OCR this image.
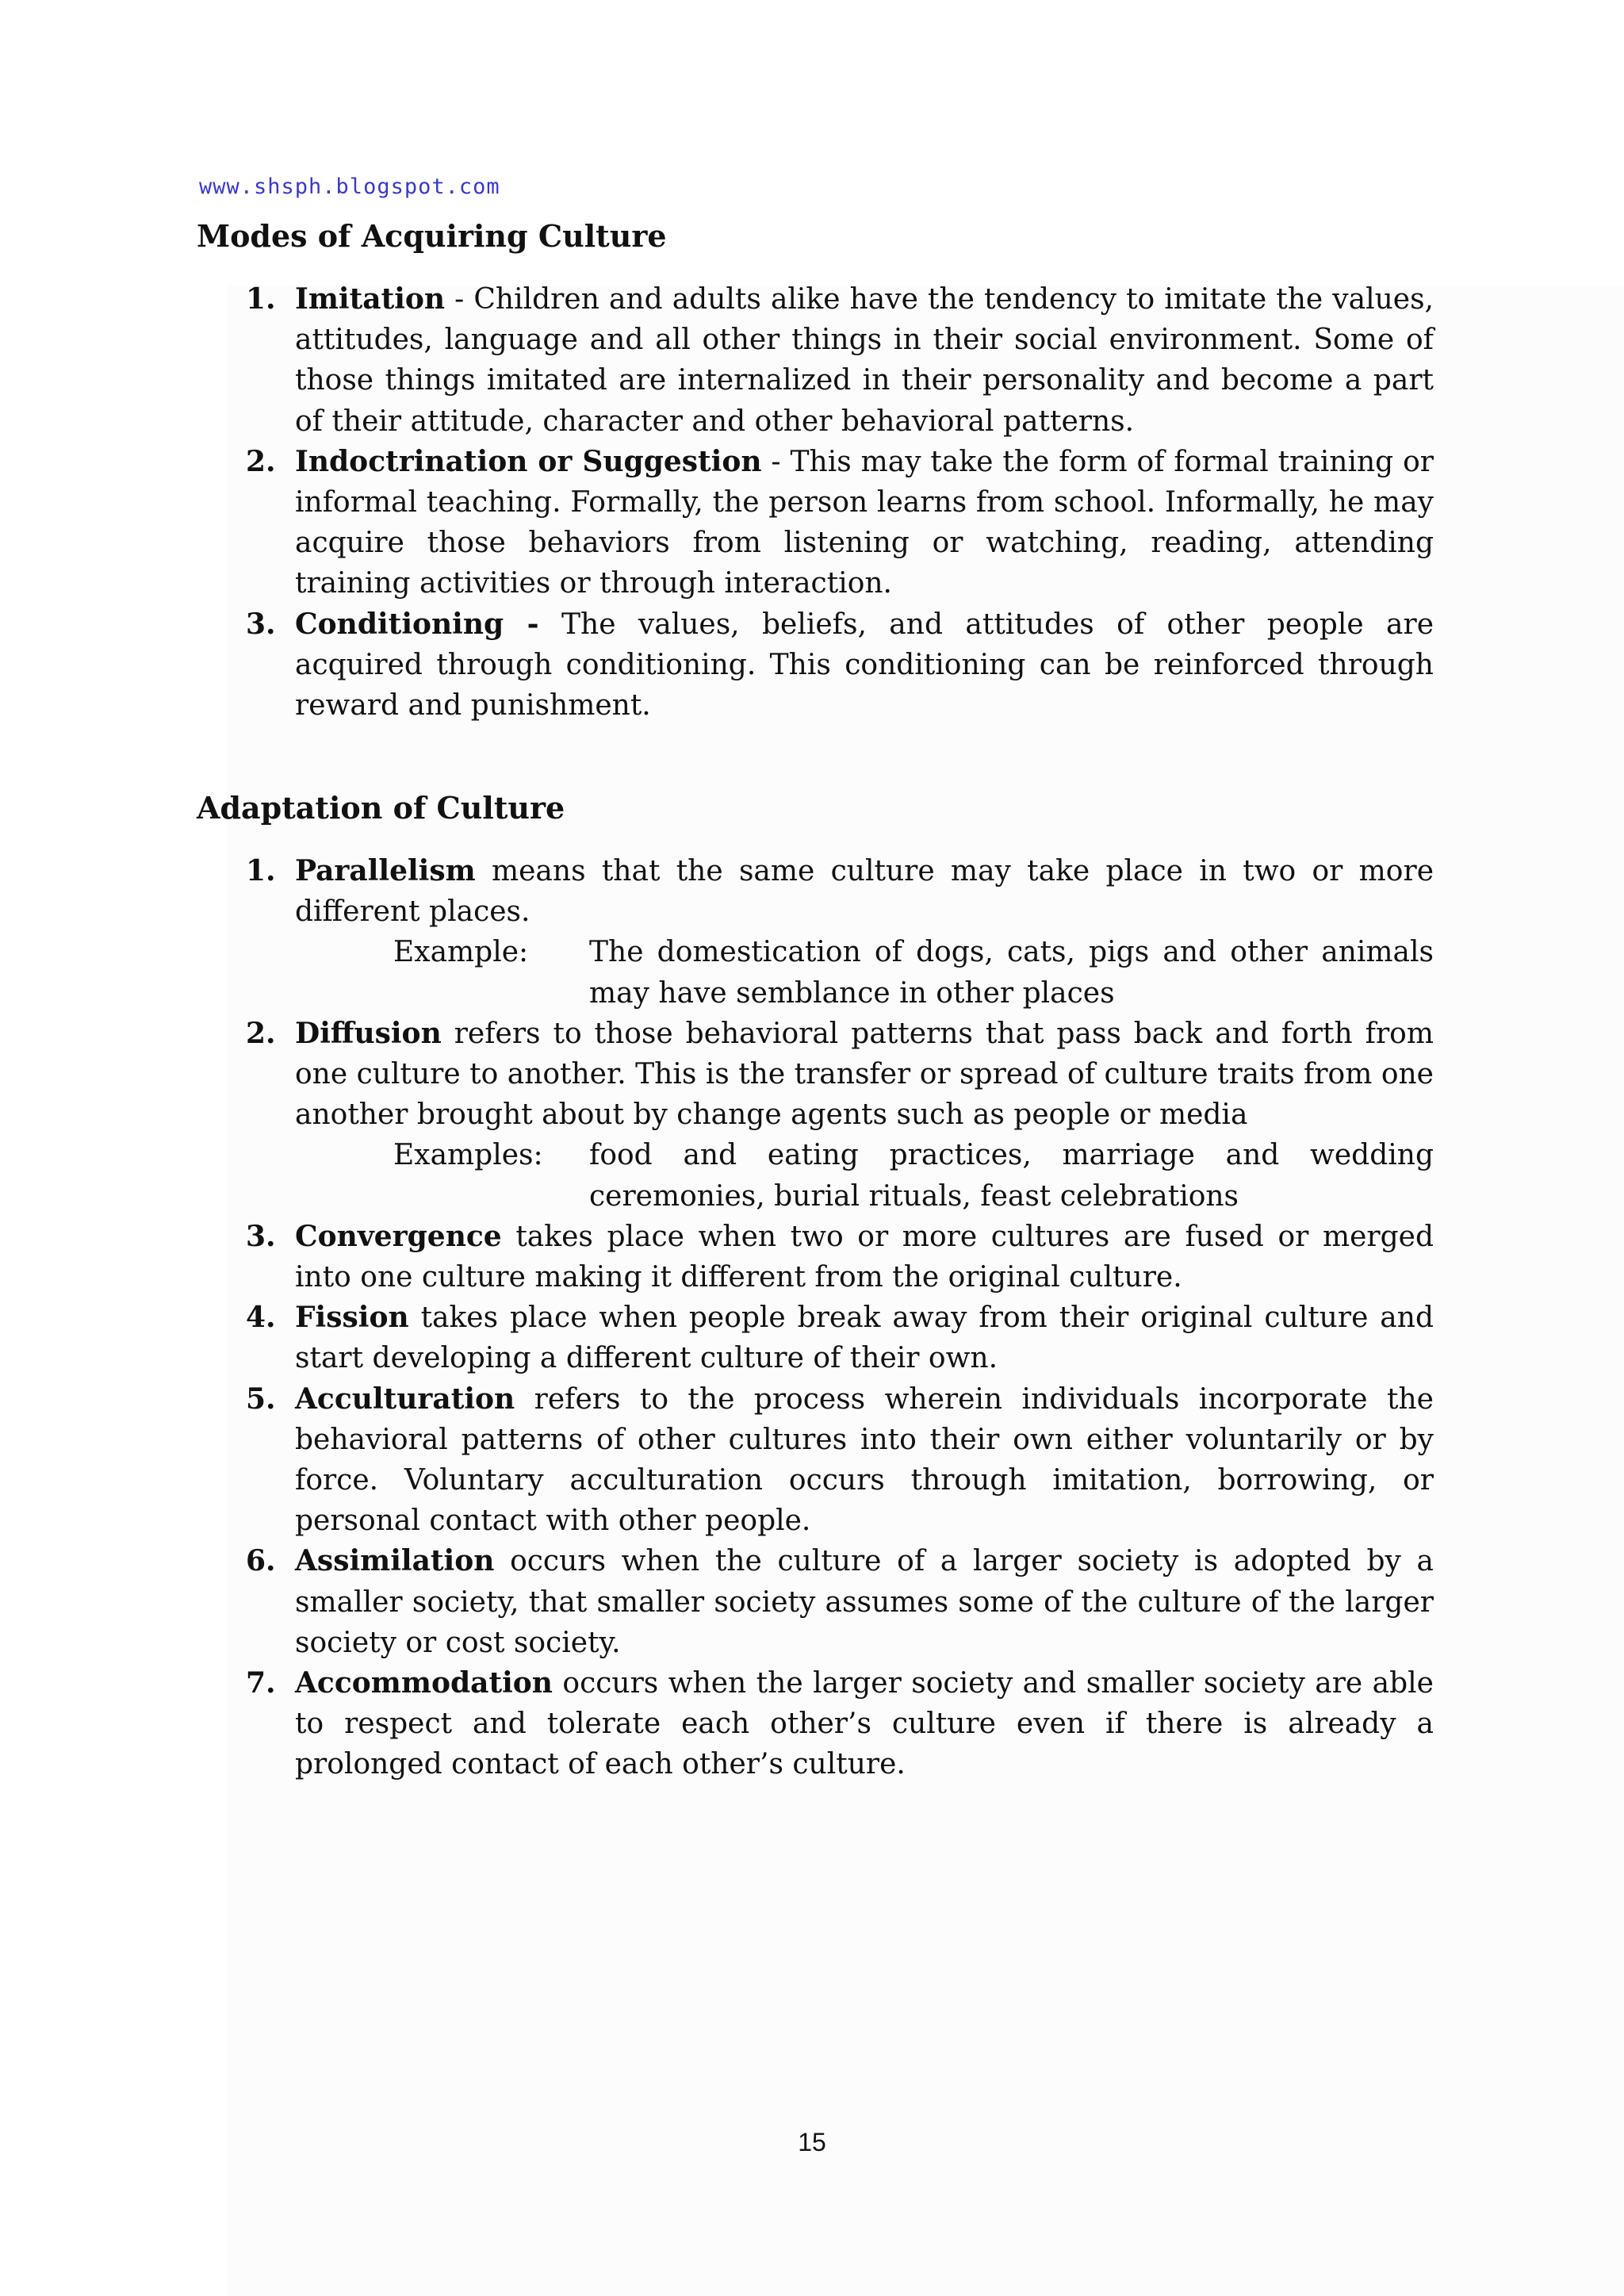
www.shsph.blogspot.com
Modes of Acquiring Culture
1. Imitation - Children and adults alike have the tendency to imitate the values, attitudes, language and all other things in their social environment. Some of those things imitated are internalized in their personality and become a part of their attitude, character and other behavioral patterns.
2. Indoctrination or Suggestion - This may take the form of formal training or informal teaching. Formally, the person learns from school. Informally, he may acquire those behaviors from listening or watching, reading, attending training activities or through interaction.
3. Conditioning - The values, beliefs, and attitudes of other people are acquired through conditioning. This conditioning can be reinforced through reward and punishment.
Adaptation of Culture
1. Parallelism means that the same culture may take place in two or more different places.
Example: The domestication of dogs, cats, pigs and other animals may have semblance in other places
2. Diffusion refers to those behavioral patterns that pass back and forth from one culture to another. This is the transfer or spread of culture traits from one another brought about by change agents such as people or media
Examples: food and eating practices, marriage and wedding ceremonies, burial rituals, feast celebrations
3. Convergence takes place when two or more cultures are fused or merged into one culture making it different from the original culture.
4. Fission takes place when people break away from their original culture and start developing a different culture of their own.
5. Acculturation refers to the process wherein individuals incorporate the behavioral patterns of other cultures into their own either voluntarily or by force. Voluntary acculturation occurs through imitation, borrowing, or personal contact with other people.
6. Assimilation occurs when the culture of a larger society is adopted by a smaller society, that smaller society assumes some of the culture of the larger society or cost society.
7. Accommodation occurs when the larger society and smaller society are able to respect and tolerate each other’s culture even if there is already a prolonged contact of each other’s culture.
15
